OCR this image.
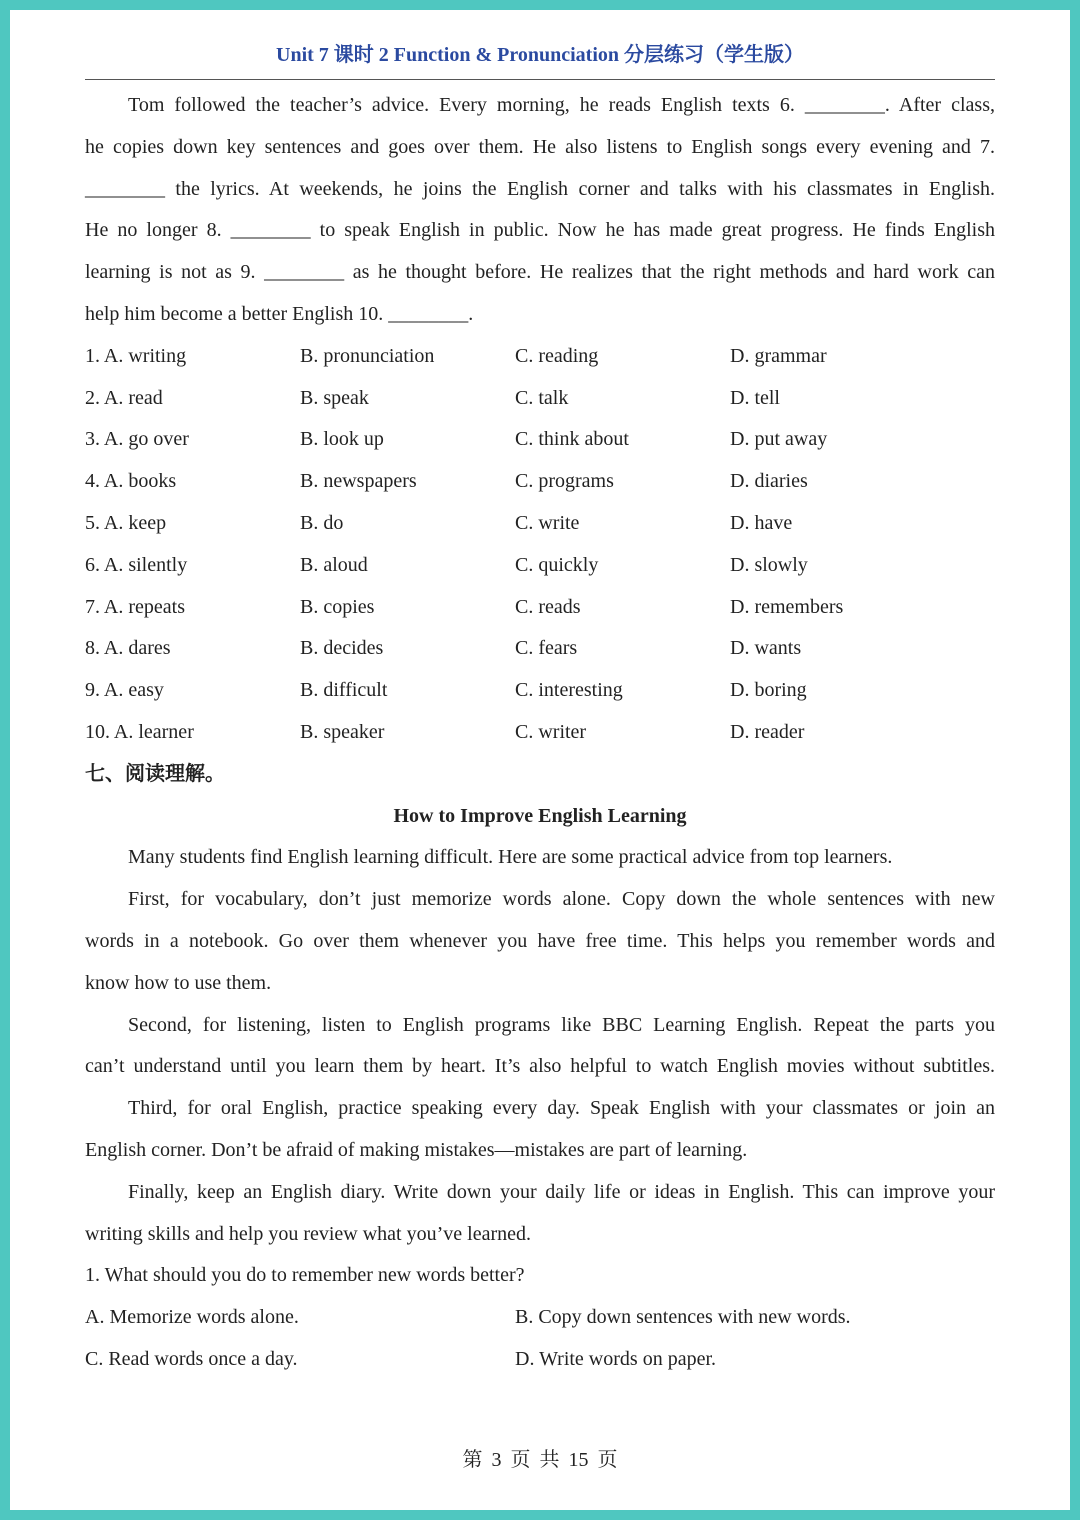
Unit 7 课时 2 Function & Pronunciation 分层练习（学生版）
Tom followed the teacher’s advice. Every morning, he reads English texts 6. ________. After class,
he copies down key sentences and goes over them. He also listens to English songs every evening and 7.
________ the lyrics. At weekends, he joins the English corner and talks with his classmates in English.
He no longer 8. ________ to speak English in public. Now he has made great progress. He finds English
learning is not as 9. ________ as he thought before. He realizes that the right methods and hard work can
help him become a better English 10. ________.
1. A. writing	B. pronunciation	C. reading	D. grammar
2. A. read	B. speak	C. talk	D. tell
3. A. go over	B. look up	C. think about	D. put away
4. A. books	B. newspapers	C. programs	D. diaries
5. A. keep	B. do	C. write	D. have
6. A. silently	B. aloud	C. quickly	D. slowly
7. A. repeats	B. copies	C. reads	D. remembers
8. A. dares	B. decides	C. fears	D. wants
9. A. easy	B. difficult	C. interesting	D. boring
10. A. learner	B. speaker	C. writer	D. reader
七、阅读理解。
How to Improve English Learning
Many students find English learning difficult. Here are some practical advice from top learners.
First, for vocabulary, don’t just memorize words alone. Copy down the whole sentences with new
words in a notebook. Go over them whenever you have free time. This helps you remember words and
know how to use them.
Second, for listening, listen to English programs like BBC Learning English. Repeat the parts you
can’t understand until you learn them by heart. It’s also helpful to watch English movies without subtitles.
Third, for oral English, practice speaking every day. Speak English with your classmates or join an
English corner. Don’t be afraid of making mistakes—mistakes are part of learning.
Finally, keep an English diary. Write down your daily life or ideas in English. This can improve your
writing skills and help you review what you’ve learned.
1. What should you do to remember new words better?
A. Memorize words alone.	B. Copy down sentences with new words.
C. Read words once a day.	D. Write words on paper.
第 3 页 共 15 页
